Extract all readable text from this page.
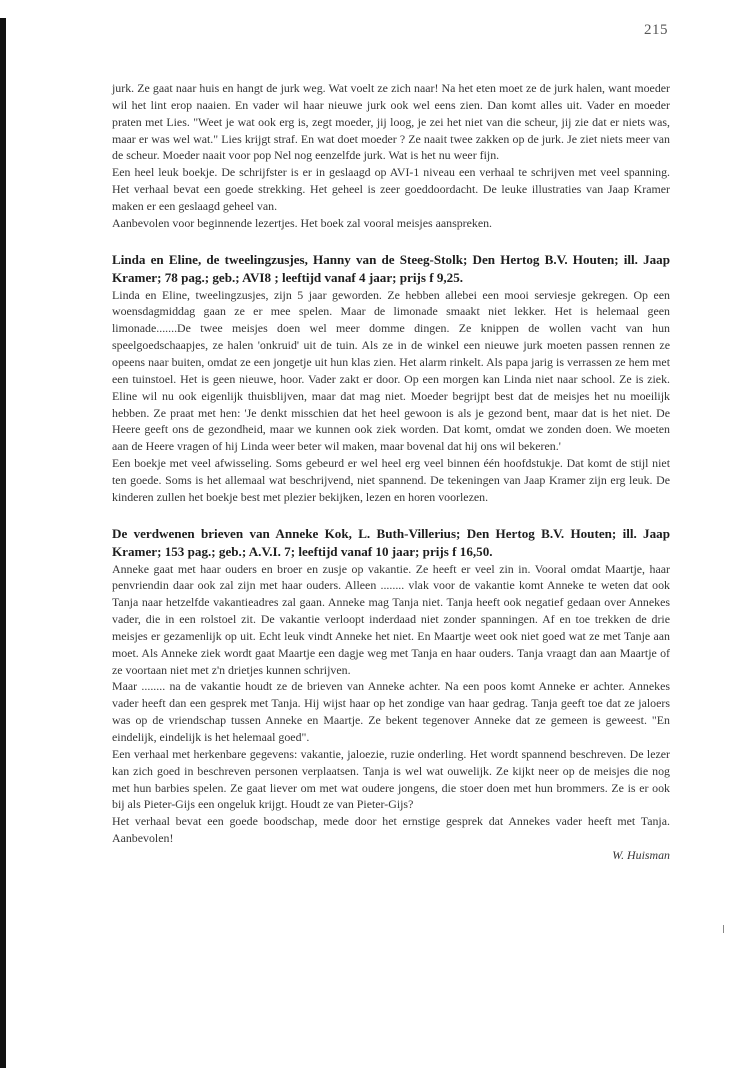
215

jurk. Ze gaat naar huis en hangt de jurk weg. Wat voelt ze zich naar! Na het eten moet ze de jurk halen, want moeder wil het lint erop naaien. En vader wil haar nieuwe jurk ook wel eens zien. Dan komt alles uit. Vader en moeder praten met Lies. "Weet je wat ook erg is, zegt moeder, jij loog, je zei het niet van die scheur, jij zie dat er niets was, maar er was wel wat." Lies krijgt straf. En wat doet moeder ? Ze naait twee zakken op de jurk. Je ziet niets meer van de scheur. Moeder naait voor pop Nel nog eenzelfde jurk. Wat is het nu weer fijn.

Een heel leuk boekje. De schrijfster is er in geslaagd op AVI-1 niveau een verhaal te schrijven met veel spanning. Het verhaal bevat een goede strekking. Het geheel is zeer goeddoordacht. De leuke illustraties van Jaap Kramer maken er een geslaagd geheel van.

Aanbevolen voor beginnende lezertjes. Het boek zal vooral meisjes aanspreken.

Linda en Eline, de tweelingzusjes, Hanny van de Steeg-Stolk; Den Hertog B.V. Houten; ill. Jaap Kramer; 78 pag.; geb.; AVI8 ; leeftijd vanaf 4 jaar; prijs f 9,25.

Linda en Eline, tweelingzusjes, zijn 5 jaar geworden. Ze hebben allebei een mooi serviesje gekregen. Op een woensdagmiddag gaan ze er mee spelen. Maar de limonade smaakt niet lekker. Het is helemaal geen limonade.......De twee meisjes doen wel meer domme dingen. Ze knippen de wollen vacht van hun speelgoedschaapjes, ze halen 'onkruid' uit de tuin. Als ze in de winkel een nieuwe jurk moeten passen rennen ze opeens naar buiten, omdat ze een jongetje uit hun klas zien. Het alarm rinkelt. Als papa jarig is verrassen ze hem met een tuinstoel. Het is geen nieuwe, hoor. Vader zakt er door. Op een morgen kan Linda niet naar school. Ze is ziek. Eline wil nu ook eigenlijk thuisblijven, maar dat mag niet. Moeder begrijpt best dat de meisjes het nu moeilijk hebben. Ze praat met hen: 'Je denkt misschien dat het heel gewoon is als je gezond bent, maar dat is het niet. De Heere geeft ons de gezondheid, maar we kunnen ook ziek worden. Dat komt, omdat we zonden doen. We moeten aan de Heere vragen of hij Linda weer beter wil maken, maar bovenal dat hij ons wil bekeren.'

Een boekje met veel afwisseling. Soms gebeurd er wel heel erg veel binnen één hoofdstukje. Dat komt de stijl niet ten goede. Soms is het allemaal wat beschrijvend, niet spannend. De tekeningen van Jaap Kramer zijn erg leuk. De kinderen zullen het boekje best met plezier bekijken, lezen en horen voorlezen.

De verdwenen brieven van Anneke Kok, L. Buth-Villerius; Den Hertog B.V. Houten; ill. Jaap Kramer; 153 pag.; geb.; A.V.I. 7; leeftijd vanaf 10 jaar; prijs f 16,50.

Anneke gaat met haar ouders en broer en zusje op vakantie. Ze heeft er veel zin in. Vooral omdat Maartje, haar penvriendin daar ook zal zijn met haar ouders. Alleen ........ vlak voor de vakantie komt Anneke te weten dat ook Tanja naar hetzelfde vakantieadres zal gaan. Anneke mag Tanja niet. Tanja heeft ook negatief gedaan over Annekes vader, die in een rolstoel zit. De vakantie verloopt inderdaad niet zonder spanningen. Af en toe trekken de drie meisjes er gezamenlijk op uit. Echt leuk vindt Anneke het niet. En Maartje weet ook niet goed wat ze met Tanje aan moet. Als Anneke ziek wordt gaat Maartje een dagje weg met Tanja en haar ouders. Tanja vraagt dan aan Maartje of ze voortaan niet met z'n drietjes kunnen schrijven.

Maar ........ na de vakantie houdt ze de brieven van Anneke achter. Na een poos komt Anneke er achter. Annekes vader heeft dan een gesprek met Tanja. Hij wijst haar op het zondige van haar gedrag. Tanja geeft toe dat ze jaloers was op de vriendschap tussen Anneke en Maartje. Ze bekent tegenover Anneke dat ze gemeen is geweest. "En eindelijk, eindelijk is het helemaal goed".

Een verhaal met herkenbare gegevens: vakantie, jaloezie, ruzie onderling. Het wordt spannend beschreven. De lezer kan zich goed in beschreven personen verplaatsen. Tanja is wel wat ouwelijk. Ze kijkt neer op de meisjes die nog met hun barbies spelen. Ze gaat liever om met wat oudere jongens, die stoer doen met hun brommers. Ze is er ook bij als Pieter-Gijs een ongeluk krijgt. Houdt ze van Pieter-Gijs?

Het verhaal bevat een goede boodschap, mede door het ernstige gesprek dat Annekes vader heeft met Tanja. Aanbevolen!

W. Huisman
